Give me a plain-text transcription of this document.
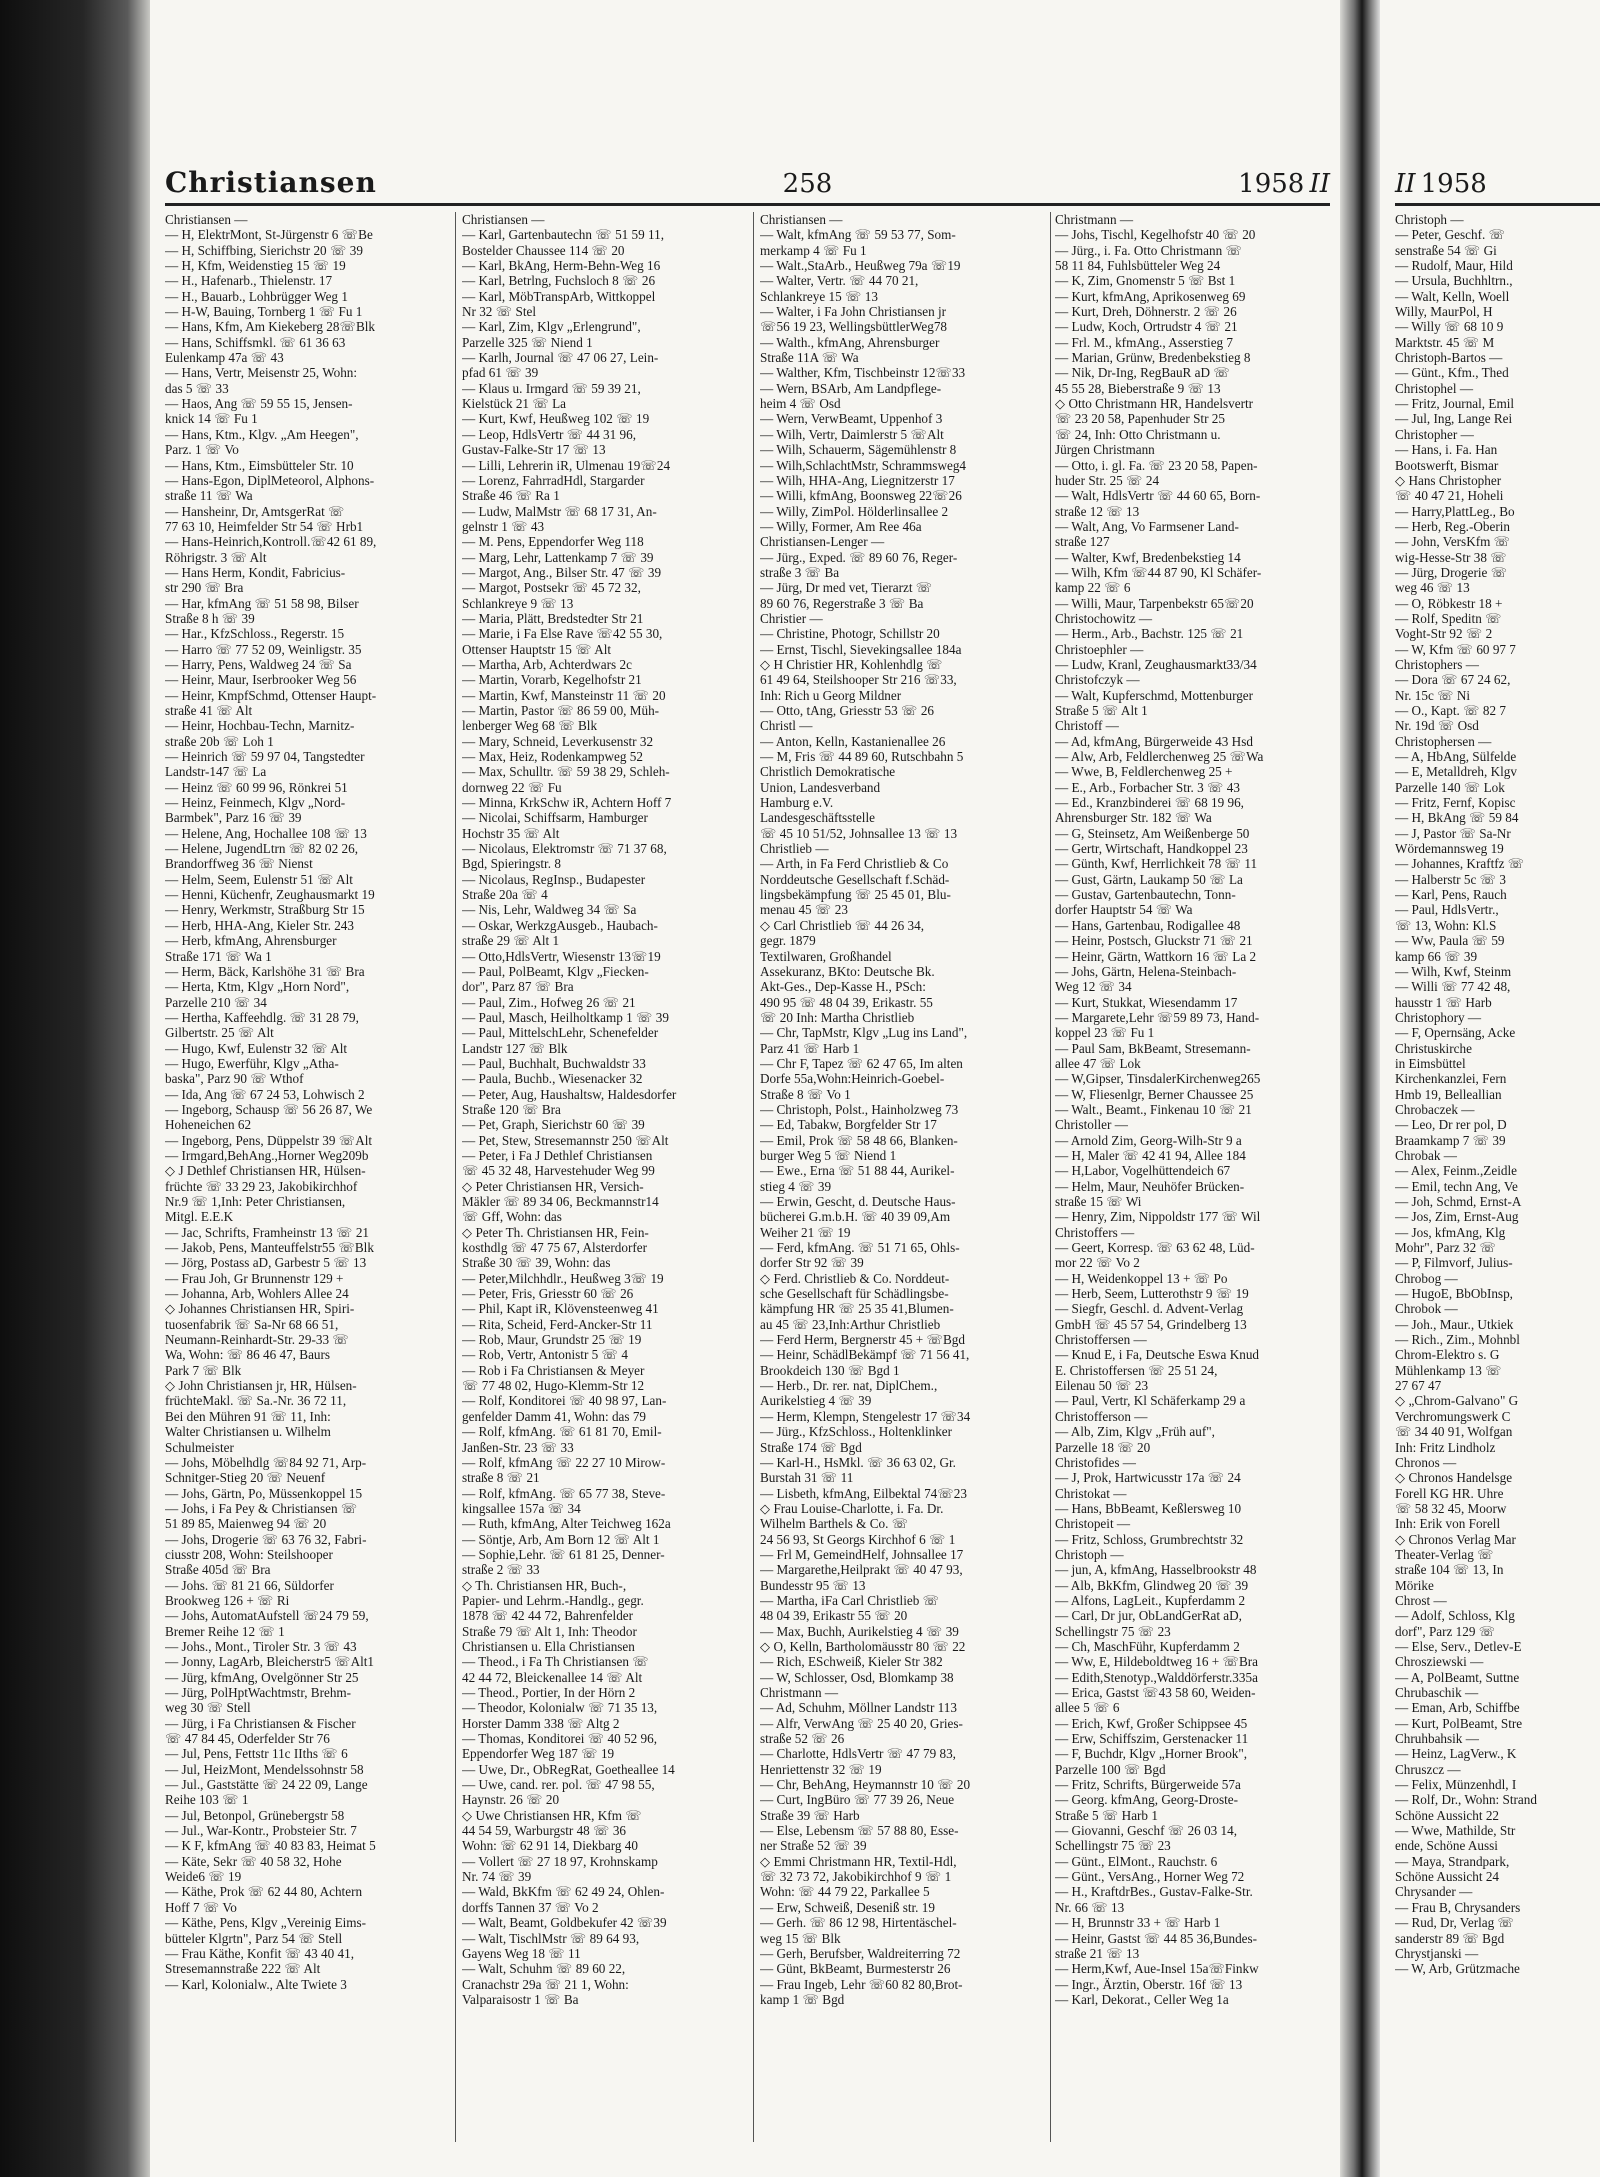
Christiansen	258	1958 II	II 1958
Christiansen —
— H, ElektrMont, St-Jürgenstr 6 ☏Be
— H, Schiffbing, Sierichstr 20 ☏ 39
— H, Kfm, Weidenstieg 15 ☏ 19
— H., Hafenarb., Thielenstr. 17
— H., Bauarb., Lohbrügger Weg 1
— H-W, Bauing, Tornberg 1 ☏ Fu 1
— Hans, Kfm, Am Kiekeberg 28☏Blk
— Hans, Schiffsmkl. ☏ 61 36 63
Eulenkamp 47a ☏ 43
— Hans, Vertr, Meisenstr 25, Wohn:
das 5 ☏ 33
— Haos, Ang ☏ 59 55 15, Jensen-
knick 14 ☏ Fu 1
— Hans, Ktm., Klgv. „Am Heegen",
Parz. 1 ☏ Vo
— Hans, Ktm., Eimsbütteler Str. 10
— Hans-Egon, DiplMeteorol, Alphons-
straße 11 ☏ Wa
— Hansheinr, Dr, AmtsgerRat ☏
77 63 10, Heimfelder Str 54 ☏ Hrb1
— Hans-Heinrich,Kontroll.☏42 61 89,
Röhrigstr. 3 ☏ Alt
— Hans Herm, Kondit, Fabricius-
str 290 ☏ Bra
— Har, kfmAng ☏ 51 58 98, Bilser
Straße 8 h ☏ 39
— Har., KfzSchloss., Regerstr. 15
— Harro ☏ 77 52 09, Weinligstr. 35
— Harry, Pens, Waldweg 24 ☏ Sa
— Heinr, Maur, Iserbrooker Weg 56
— Heinr, KmpfSchmd, Ottenser Haupt-
straße 41 ☏ Alt
— Heinr, Hochbau-Techn, Marnitz-
straße 20b ☏ Loh 1
— Heinrich ☏ 59 97 04, Tangstedter
Landstr-147 ☏ La
— Heinz ☏ 60 99 96, Rönkrei 51
— Heinz, Feinmech, Klgv „Nord-
Barmbek", Parz 16 ☏ 39
— Helene, Ang, Hochallee 108 ☏ 13
— Helene, JugendLtrn ☏ 82 02 26,
Brandorffweg 36 ☏ Nienst
— Helm, Seem, Eulenstr 51 ☏ Alt
— Henni, Küchenfr, Zeughausmarkt 19
— Henry, Werkmstr, Straßburg Str 15
— Herb, HHA-Ang, Kieler Str. 243
— Herb, kfmAng, Ahrensburger
Straße 171 ☏ Wa 1
— Herm, Bäck, Karlshöhe 31 ☏ Bra
— Herta, Ktm, Klgv „Horn Nord",
Parzelle 210 ☏ 34
— Hertha, Kaffeehdlg. ☏ 31 28 79,
Gilbertstr. 25 ☏ Alt
— Hugo, Kwf, Eulenstr 32 ☏ Alt
— Hugo, Ewerführ, Klgv „Atha-
baska", Parz 90 ☏ Wthof
— Ida, Ang ☏ 67 24 53, Lohwisch 2
— Ingeborg, Schausp ☏ 56 26 87, We
Hoheneichen 62
— Ingeborg, Pens, Düppelstr 39 ☏Alt
— Irmgard,BehAng.,Horner Weg209b
◇ J Dethlef Christiansen HR, Hülsen-
früchte ☏ 33 29 23, Jakobikirchhof
Nr.9 ☏ 1,Inh: Peter Christiansen,
Mitgl. E.E.K
— Jac, Schrifts, Framheinstr 13 ☏ 21
— Jakob, Pens, Manteuffelstr55 ☏Blk
— Jörg, Postass aD, Garbestr 5 ☏ 13
— Frau Joh, Gr Brunnenstr 129 +
— Johanna, Arb, Wohlers Allee 24
◇ Johannes Christiansen HR, Spiri-
tuosenfabrik ☏ Sa-Nr 68 66 51,
Neumann-Reinhardt-Str. 29-33 ☏
Wa, Wohn: ☏ 86 46 47, Baurs
Park 7 ☏ Blk
◇ John Christiansen jr, HR, Hülsen-
früchteMakl. ☏ Sa.-Nr. 36 72 11,
Bei den Mühren 91 ☏ 11, Inh:
Walter Christiansen u. Wilhelm
Schulmeister
— Johs, Möbelhdlg ☏84 92 71, Arp-
Schnitger-Stieg 20 ☏ Neuenf
— Johs, Gärtn, Po, Müssenkoppel 15
— Johs, i Fa Pey & Christiansen ☏
51 89 85, Maienweg 94 ☏ 20
— Johs, Drogerie ☏ 63 76 32, Fabri-
ciusstr 208, Wohn: Steilshooper
Straße 405d ☏ Bra
— Johs. ☏ 81 21 66, Süldorfer
Brookweg 126 + ☏ Ri
— Johs, AutomatAufstell ☏24 79 59,
Bremer Reihe 12 ☏ 1
— Johs., Mont., Tiroler Str. 3 ☏ 43
— Jonny, LagArb, Bleicherstr5 ☏Alt1
— Jürg, kfmAng, Ovelgönner Str 25
— Jürg, PolHptWachtmstr, Brehm-
weg 30 ☏ Stell
— Jürg, i Fa Christiansen & Fischer
☏ 47 84 45, Oderfelder Str 76
— Jul, Pens, Fettstr 11c IIths ☏ 6
— Jul, HeizMont, Mendelssohnstr 58
— Jul., Gaststätte ☏ 24 22 09, Lange
Reihe 103 ☏ 1
— Jul, Betonpol, Grünebergstr 58
— Jul., War-Kontr., Probsteier Str. 7
— K F, kfmAng ☏ 40 83 83, Heimat 5
— Käte, Sekr ☏ 40 58 32, Hohe
Weide6 ☏ 19
— Käthe, Prok ☏ 62 44 80, Achtern
Hoff 7 ☏ Vo
— Käthe, Pens, Klgv „Vereinig Eims-
bütteler Klgrtn", Parz 54 ☏ Stell
— Frau Käthe, Konfit ☏ 43 40 41,
Stresemannstraße 222 ☏ Alt
— Karl, Kolonialw., Alte Twiete 3
Christiansen —
— Karl, Gartenbautechn ☏ 51 59 11,
Bostelder Chaussee 114 ☏ 20
— Karl, BkAng, Herm-Behn-Weg 16
— Karl, Betrlng, Fuchsloch 8 ☏ 26
— Karl, MöbTranspArb, Wittkoppel
Nr 32 ☏ Stel
— Karl, Zim, Klgv „Erlengrund",
Parzelle 325 ☏ Niend 1
— Karlh, Journal ☏ 47 06 27, Lein-
pfad 61 ☏ 39
— Klaus u. Irmgard ☏ 59 39 21,
Kielstück 21 ☏ La
— Kurt, Kwf, Heußweg 102 ☏ 19
— Leop, HdlsVertr ☏ 44 31 96,
Gustav-Falke-Str 17 ☏ 13
— Lilli, Lehrerin iR, Ulmenau 19☏24
— Lorenz, FahrradHdl, Stargarder
Straße 46 ☏ Ra 1
— Ludw, MalMstr ☏ 68 17 31, An-
gelnstr 1 ☏ 43
— M. Pens, Eppendorfer Weg 118
— Marg, Lehr, Lattenkamp 7 ☏ 39
— Margot, Ang., Bilser Str. 47 ☏ 39
— Margot, Postsekr ☏ 45 72 32,
Schlankreye 9 ☏ 13
— Maria, Plätt, Bredstedter Str 21
— Marie, i Fa Else Rave ☏42 55 30,
Ottenser Hauptstr 15 ☏ Alt
— Martha, Arb, Achterdwars 2c
— Martin, Vorarb, Kegelhofstr 21
— Martin, Kwf, Mansteinstr 11 ☏ 20
— Martin, Pastor ☏ 86 59 00, Müh-
lenberger Weg 68 ☏ Blk
— Mary, Schneid, Leverkusenstr 32
— Max, Heiz, Rodenkampweg 52
— Max, Schulltr. ☏ 59 38 29, Schleh-
dornweg 22 ☏ Fu
— Minna, KrkSchw iR, Achtern Hoff 7
— Nicolai, Schiffsarm, Hamburger
Hochstr 35 ☏ Alt
— Nicolaus, Elektromstr ☏ 71 37 68,
Bgd, Spieringstr. 8
— Nicolaus, RegInsp., Budapester
Straße 20a ☏ 4
— Nis, Lehr, Waldweg 34 ☏ Sa
— Oskar, WerkzgAusgeb., Haubach-
straße 29 ☏ Alt 1
— Otto,HdlsVertr, Wiesenstr 13☏19
— Paul, PolBeamt, Klgv „Fiecken-
dor", Parz 87 ☏ Bra
— Paul, Zim., Hofweg 26 ☏ 21
— Paul, Masch, Heilholtkamp 1 ☏ 39
— Paul, MittelschLehr, Schenefelder
Landstr 127 ☏ Blk
— Paul, Buchhalt, Buchwaldstr 33
— Paula, Buchb., Wiesenacker 32
— Peter, Aug, Haushaltsw, Haldesdorfer
Straße 120 ☏ Bra
— Pet, Graph, Sierichstr 60 ☏ 39
— Pet, Stew, Stresemannstr 250 ☏Alt
— Peter, i Fa J Dethlef Christiansen
☏ 45 32 48, Harvestehuder Weg 99
◇ Peter Christiansen HR, Versich-
Mäkler ☏ 89 34 06, Beckmannstr14
☏ Gff, Wohn: das
◇ Peter Th. Christiansen HR, Fein-
kosthdlg ☏ 47 75 67, Alsterdorfer
Straße 30 ☏ 39, Wohn: das
— Peter,Milchhdlr., Heußweg 3☏ 19
— Peter, Fris, Griesstr 60 ☏ 26
— Phil, Kapt iR, Klövensteenweg 41
— Rita, Scheid, Ferd-Ancker-Str 11
— Rob, Maur, Grundstr 25 ☏ 19
— Rob, Vertr, Antonistr 5 ☏ 4
— Rob i Fa Christiansen & Meyer
☏ 77 48 02, Hugo-Klemm-Str 12
— Rolf, Konditorei ☏ 40 98 97, Lan-
genfelder Damm 41, Wohn: das 79
— Rolf, kfmAng. ☏ 61 81 70, Emil-
Janßen-Str. 23 ☏ 33
— Rolf, kfmAng ☏ 22 27 10 Mirow-
straße 8 ☏ 21
— Rolf, kfmAng. ☏ 65 77 38, Steve-
kingsallee 157a ☏ 34
— Ruth, kfmAng, Alter Teichweg 162a
— Söntje, Arb, Am Born 12 ☏ Alt 1
— Sophie,Lehr. ☏ 61 81 25, Denner-
straße 2 ☏ 33
◇ Th. Christiansen HR, Buch-,
Papier- und Lehrm.-Handlg., gegr.
1878 ☏ 42 44 72, Bahrenfelder
Straße 79 ☏ Alt 1, Inh: Theodor
Christiansen u. Ella Christiansen
— Theod., i Fa Th Christiansen ☏
42 44 72, Bleickenallee 14 ☏ Alt
— Theod., Portier, In der Hörn 2
— Theodor, Kolonialw ☏ 71 35 13,
Horster Damm 338 ☏ Altg 2
— Thomas, Konditorei ☏ 40 52 96,
Eppendorfer Weg 187 ☏ 19
— Uwe, Dr., ObRegRat, Goetheallee 14
— Uwe, cand. rer. pol. ☏ 47 98 55,
Haynstr. 26 ☏ 20
◇ Uwe Christiansen HR, Kfm ☏
44 54 59, Warburgstr 48 ☏ 36
Wohn: ☏ 62 91 14, Diekbarg 40
— Vollert ☏ 27 18 97, Krohnskamp
Nr. 74 ☏ 39
— Wald, BkKfm ☏ 62 49 24, Ohlen-
dorffs Tannen 37 ☏ Vo 2
— Walt, Beamt, Goldbekufer 42 ☏39
— Walt, TischlMstr ☏ 89 64 93,
Gayens Weg 18 ☏ 11
— Walt, Schuhm ☏ 89 60 22,
Cranachstr 29a ☏ 21 1, Wohn:
Valparaisostr 1 ☏ Ba
Christiansen —
— Walt, kfmAng ☏ 59 53 77, Som-
merkamp 4 ☏ Fu 1
— Walt.,StaArb., Heußweg 79a ☏19
— Walter, Vertr. ☏ 44 70 21,
Schlankreye 15 ☏ 13
— Walter, i Fa John Christiansen jr
☏56 19 23, WellingsbüttlerWeg78
— Walth., kfmAng, Ahrensburger
Straße 11A ☏ Wa
— Walther, Kfm, Tischbeinstr 12☏33
— Wern, BSArb, Am Landpflege-
heim 4 ☏ Osd
— Wern, VerwBeamt, Uppenhof 3
— Wilh, Vertr, Daimlerstr 5 ☏Alt
— Wilh, Schauerm, Sägemühlenstr 8
— Wilh,SchlachtMstr, Schrammsweg4
— Wilh, HHA-Ang, Liegnitzerstr 17
— Willi, kfmAng, Boonsweg 22☏26
— Willy, ZimPol. Hölderlinsallee 2
— Willy, Former, Am Ree 46a
Christiansen-Lenger —
— Jürg., Exped. ☏ 89 60 76, Reger-
straße 3 ☏ Ba
— Jürg, Dr med vet, Tierarzt ☏
89 60 76, Regerstraße 3 ☏ Ba
Christier —
— Christine, Photogr, Schillstr 20
— Ernst, Tischl, Sievekingsallee 184a
◇ H Christier HR, Kohlenhdlg ☏
61 49 64, Steilshooper Str 216 ☏33,
Inh: Rich u Georg Mildner
— Otto, tAng, Griesstr 53 ☏ 26
Christl —
— Anton, Kelln, Kastanienallee 26
— M, Fris ☏ 44 89 60, Rutschbahn 5
Christlich Demokratische
Union, Landesverband
Hamburg e.V.
Landesgeschäftsstelle
☏ 45 10 51/52, Johnsallee 13 ☏ 13
Christlieb —
— Arth, in Fa Ferd Christlieb & Co
Norddeutsche Gesellschaft f.Schäd-
lingsbekämpfung ☏ 25 45 01, Blu-
menau 45 ☏ 23
◇ Carl Christlieb ☏ 44 26 34,
gegr. 1879
Textilwaren, Großhandel
Assekuranz, BKto: Deutsche Bk.
Akt-Ges., Dep-Kasse H., PSch:
490 95 ☏ 48 04 39, Erikastr. 55
☏ 20 Inh: Martha Christlieb
— Chr, TapMstr, Klgv „Lug ins Land",
Parz 41 ☏ Harb 1
— Chr F, Tapez ☏ 62 47 65, Im alten
Dorfe 55a,Wohn:Heinrich-Goebel-
Straße 8 ☏ Vo 1
— Christoph, Polst., Hainholzweg 73
— Ed, Tabakw, Borgfelder Str 17
— Emil, Prok ☏ 58 48 66, Blanken-
burger Weg 5 ☏ Niend 1
— Ewe., Erna ☏ 51 88 44, Aurikel-
stieg 4 ☏ 39
— Erwin, Gescht, d. Deutsche Haus-
bücherei G.m.b.H. ☏ 40 39 09,Am
Weiher 21 ☏ 19
— Ferd, kfmAng. ☏ 51 71 65, Ohls-
dorfer Str 92 ☏ 39
◇ Ferd. Christlieb & Co. Norddeut-
sche Gesellschaft für Schädlingsbe-
kämpfung HR ☏ 25 35 41,Blumen-
au 45 ☏ 23,Inh:Arthur Christlieb
— Ferd Herm, Bergnerstr 45 + ☏Bgd
— Heinr, SchädlBekämpf ☏ 71 56 41,
Brookdeich 130 ☏ Bgd 1
— Herb., Dr. rer. nat, DiplChem.,
Aurikelstieg 4 ☏ 39
— Herm, Klempn, Stengelestr 17 ☏34
— Jürg., KfzSchloss., Holtenklinker
Straße 174 ☏ Bgd
— Karl-H., HsMkl. ☏ 36 63 02, Gr.
Burstah 31 ☏ 11
— Lisbeth, kfmAng, Eilbektal 74☏23
◇ Frau Louise-Charlotte, i. Fa. Dr.
Wilhelm Barthels & Co. ☏
24 56 93, St Georgs Kirchhof 6 ☏ 1
— Frl M, GemeindHelf, Johnsallee 17
— Margarethe,Heilprakt ☏ 40 47 93,
Bundesstr 95 ☏ 13
— Martha, iFa Carl Christlieb ☏
48 04 39, Erikastr 55 ☏ 20
— Max, Buchh, Aurikelstieg 4 ☏ 39
◇ O, Kelln, Bartholomäusstr 80 ☏ 22
— Rich, ESchweiß, Kieler Str 382
— W, Schlosser, Osd, Blomkamp 38
Christmann —
— Ad, Schuhm, Möllner Landstr 113
— Alfr, VerwAng ☏ 25 40 20, Gries-
straße 52 ☏ 26
— Charlotte, HdlsVertr ☏ 47 79 83,
Henriettenstr 32 ☏ 19
— Chr, BehAng, Heymannstr 10 ☏ 20
— Curt, IngBüro ☏ 77 39 26, Neue
Straße 39 ☏ Harb
— Else, Lebensm ☏ 57 88 80, Esse-
ner Straße 52 ☏ 39
◇ Emmi Christmann HR, Textil-Hdl,
☏ 32 73 72, Jakobikirchhof 9 ☏ 1
Wohn: ☏ 44 79 22, Parkallee 5
— Erw, Schweiß, Deseniß str. 19
— Gerh. ☏ 86 12 98, Hirtentäschel-
weg 15 ☏ Blk
— Gerh, Berufsber, Waldreiterring 72
— Günt, BkBeamt, Burmesterstr 26
— Frau Ingeb, Lehr ☏60 82 80,Brot-
kamp 1 ☏ Bgd
Christmann —
— Johs, Tischl, Kegelhofstr 40 ☏ 20
— Jürg., i. Fa. Otto Christmann ☏
58 11 84, Fuhlsbütteler Weg 24
— K, Zim, Gnomenstr 5 ☏ Bst 1
— Kurt, kfmAng, Aprikosenweg 69
— Kurt, Dreh, Döhnerstr. 2 ☏ 26
— Ludw, Koch, Ortrudstr 4 ☏ 21
— Frl. M., kfmAng., Asserstieg 7
— Marian, Grünw, Bredenbekstieg 8
— Nik, Dr-Ing, RegBauR aD ☏
45 55 28, Bieberstraße 9 ☏ 13
◇ Otto Christmann HR, Handelsvertr
☏ 23 20 58, Papenhuder Str 25
☏ 24, Inh: Otto Christmann u.
Jürgen Christmann
— Otto, i. gl. Fa. ☏ 23 20 58, Papen-
huder Str. 25 ☏ 24
— Walt, HdlsVertr ☏ 44 60 65, Born-
straße 12 ☏ 13
— Walt, Ang, Vo Farmsener Land-
straße 127
— Walter, Kwf, Bredenbekstieg 14
— Wilh, Kfm ☏44 87 90, Kl Schäfer-
kamp 22 ☏ 6
— Willi, Maur, Tarpenbekstr 65☏20
Christochowitz —
— Herm., Arb., Bachstr. 125 ☏ 21
Christoephler —
— Ludw, Kranl, Zeughausmarkt33/34
Christofczyk —
— Walt, Kupferschmd, Mottenburger
Straße 5 ☏ Alt 1
Christoff —
— Ad, kfmAng, Bürgerweide 43 Hsd
— Alw, Arb, Feldlerchenweg 25 ☏Wa
— Wwe, B, Feldlerchenweg 25 +
— E., Arb., Forbacher Str. 3 ☏ 43
— Ed., Kranzbinderei ☏ 68 19 96,
Ahrensburger Str. 182 ☏ Wa
— G, Steinsetz, Am Weißenberge 50
— Gertr, Wirtschaft, Handkoppel 23
— Günth, Kwf, Herrlichkeit 78 ☏ 11
— Gust, Gärtn, Laukamp 50 ☏ La
— Gustav, Gartenbautechn, Tonn-
dorfer Hauptstr 54 ☏ Wa
— Hans, Gartenbau, Rodigallee 48
— Heinr, Postsch, Gluckstr 71 ☏ 21
— Heinr, Gärtn, Wattkorn 16 ☏ La 2
— Johs, Gärtn, Helena-Steinbach-
Weg 12 ☏ 34
— Kurt, Stukkat, Wiesendamm 17
— Margarete,Lehr ☏59 89 73, Hand-
koppel 23 ☏ Fu 1
— Paul Sam, BkBeamt, Stresemann-
allee 47 ☏ Lok
— W,Gipser, TinsdalerKirchenweg265
— W, Fliesenlgr, Berner Chaussee 25
— Walt., Beamt., Finkenau 10 ☏ 21
Christoller —
— Arnold Zim, Georg-Wilh-Str 9 a
— H, Maler ☏ 42 41 94, Allee 184
— H,Labor, Vogelhüttendeich 67
— Helm, Maur, Neuhöfer Brücken-
straße 15 ☏ Wi
— Henry, Zim, Nippoldstr 177 ☏ Wil
Christoffers —
— Geert, Korresp. ☏ 63 62 48, Lüd-
mor 22 ☏ Vo 2
— H, Weidenkoppel 13 + ☏ Po
— Herb, Seem, Lutterothstr 9 ☏ 19
— Siegfr, Geschl. d. Advent-Verlag
GmbH ☏ 45 57 54, Grindelberg 13
Christoffersen —
— Knud E, i Fa, Deutsche Eswa Knud
E. Christoffersen ☏ 25 51 24,
Eilenau 50 ☏ 23
— Paul, Vertr, Kl Schäferkamp 29 a
Christofferson —
— Alb, Zim, Klgv „Früh auf",
Parzelle 18 ☏ 20
Christofides —
— J, Prok, Hartwicusstr 17a ☏ 24
Christokat —
— Hans, BbBeamt, Keßlersweg 10
Christopeit —
— Fritz, Schloss, Grumbrechtstr 32
Christoph —
— jun, A, kfmAng, Hasselbrookstr 48
— Alb, BkKfm, Glindweg 20 ☏ 39
— Alfons, LagLeit., Kupferdamm 2
— Carl, Dr jur, ObLandGerRat aD,
Schellingstr 75 ☏ 23
— Ch, MaschFühr, Kupferdamm 2
— Ww, E, Hildeboldtweg 16 + ☏Bra
— Edith,Stenotyp.,Walddörferstr.335a
— Erica, Gastst ☏43 58 60, Weiden-
allee 5 ☏ 6
— Erich, Kwf, Großer Schippsee 45
— Erw, Schiffszim, Gerstenacker 11
— F, Buchdr, Klgv „Horner Brook",
Parzelle 100 ☏ Bgd
— Fritz, Schrifts, Bürgerweide 57a
— Georg. kfmAng, Georg-Droste-
Straße 5 ☏ Harb 1
— Giovanni, Geschf ☏ 26 03 14,
Schellingstr 75 ☏ 23
— Günt., ElMont., Rauchstr. 6
— Günt., VersAng., Horner Weg 72
— H., KraftdrBes., Gustav-Falke-Str.
Nr. 66 ☏ 13
— H, Brunnstr 33 + ☏ Harb 1
— Heinr, Gastst ☏ 44 85 36,Bundes-
straße 21 ☏ 13
— Herm,Kwf, Aue-Insel 15a☏Finkw
— Ingr., Ärztin, Oberstr. 16f ☏ 13
— Karl, Dekorat., Celler Weg 1a
Christoph —
— Peter, Geschf. ☏
senstraße 54 ☏ Gi
— Rudolf, Maur, Hild
— Ursula, Buchhltrn.,
— Walt, Kelln, Woell
Willy, MaurPol, H
— Willy ☏ 68 10 9
Marktstr. 45 ☏ M
Christoph-Bartos —
— Günt., Kfm., Thed
Christophel —
— Fritz, Journal, Emil
— Jul, Ing, Lange Rei
Christopher —
— Hans, i. Fa. Han
Bootswerft, Bismar
◇ Hans Christopher
☏ 40 47 21, Hoheli
— Harry,PlattLeg., Bo
— Herb, Reg.-Oberin
— John, VersKfm ☏
wig-Hesse-Str 38 ☏
— Jürg, Drogerie ☏
weg 46 ☏ 13
— O, Röbkestr 18 +
— Rolf, Speditn ☏
Voght-Str 92 ☏ 2
— W, Kfm ☏ 60 97 7
Christophers —
— Dora ☏ 67 24 62,
Nr. 15c ☏ Ni
— O., Kapt. ☏ 82 7
Nr. 19d ☏ Osd
Christophersen —
— A, HbAng, Sülfelde
— E, Metalldreh, Klgv
Parzelle 140 ☏ Lok
— Fritz, Fernf, Kopisc
— H, BkAng ☏ 59 84
— J, Pastor ☏ Sa-Nr
Wördemannsweg 19
— Johannes, Kraftfz ☏
— Halberstr 5c ☏ 3
— Karl, Pens, Rauch
— Paul, HdlsVertr.,
☏ 13, Wohn: Kl.S
— Ww, Paula ☏ 59
kamp 66 ☏ 39
— Wilh, Kwf, Steinm
— Willi ☏ 77 42 48,
hausstr 1 ☏ Harb
Christophory —
— F, Opernsäng, Acke
Christuskirche
in Eimsbüttel
Kirchenkanzlei, Fern
Hmb 19, Belleallian
Chrobaczek —
— Leo, Dr rer pol, D
Braamkamp 7 ☏ 39
Chrobak —
— Alex, Feinm.,Zeidle
— Emil, techn Ang, Ve
— Joh, Schmd, Ernst-A
— Jos, Zim, Ernst-Aug
— Jos, kfmAng, Klg
Mohr", Parz 32 ☏
— P, Filmvorf, Julius-
Chrobog —
— HugoE, BbObInsp,
Chrobok —
— Joh., Maur., Utkiek
— Rich., Zim., Mohnbl
Chrom-Elektro s. G
Mühlenkamp 13 ☏
27 67 47
◇ „Chrom-Galvano" G
Verchromungswerk C
☏ 34 40 91, Wolfgan
Inh: Fritz Lindholz
Chronos —
◇ Chronos Handelsge
Forell KG HR. Uhre
☏ 58 32 45, Moorw
Inh: Erik von Forell
◇ Chronos Verlag Mar
Theater-Verlag ☏
straße 104 ☏ 13, In
Mörike
Chrost —
— Adolf, Schloss, Klg
dorf", Parz 129 ☏
— Else, Serv., Detlev-E
Chrosziewski —
— A, PolBeamt, Suttne
Chrubaschik —
— Eman, Arb, Schiffbe
— Kurt, PolBeamt, Stre
Chruhbahsik —
— Heinz, LagVerw., K
Chruszcz —
— Felix, Münzenhdl, I
— Rolf, Dr., Wohn: Strand
Schöne Aussicht 22
— Wwe, Mathilde, Str
ende, Schöne Aussi
— Maya, Strandpark,
Schöne Aussicht 24
Chrysander —
— Frau B, Chrysanders
— Rud, Dr, Verlag ☏
sanderstr 89 ☏ Bgd
Chrystjanski —
— W, Arb, Grützmache
